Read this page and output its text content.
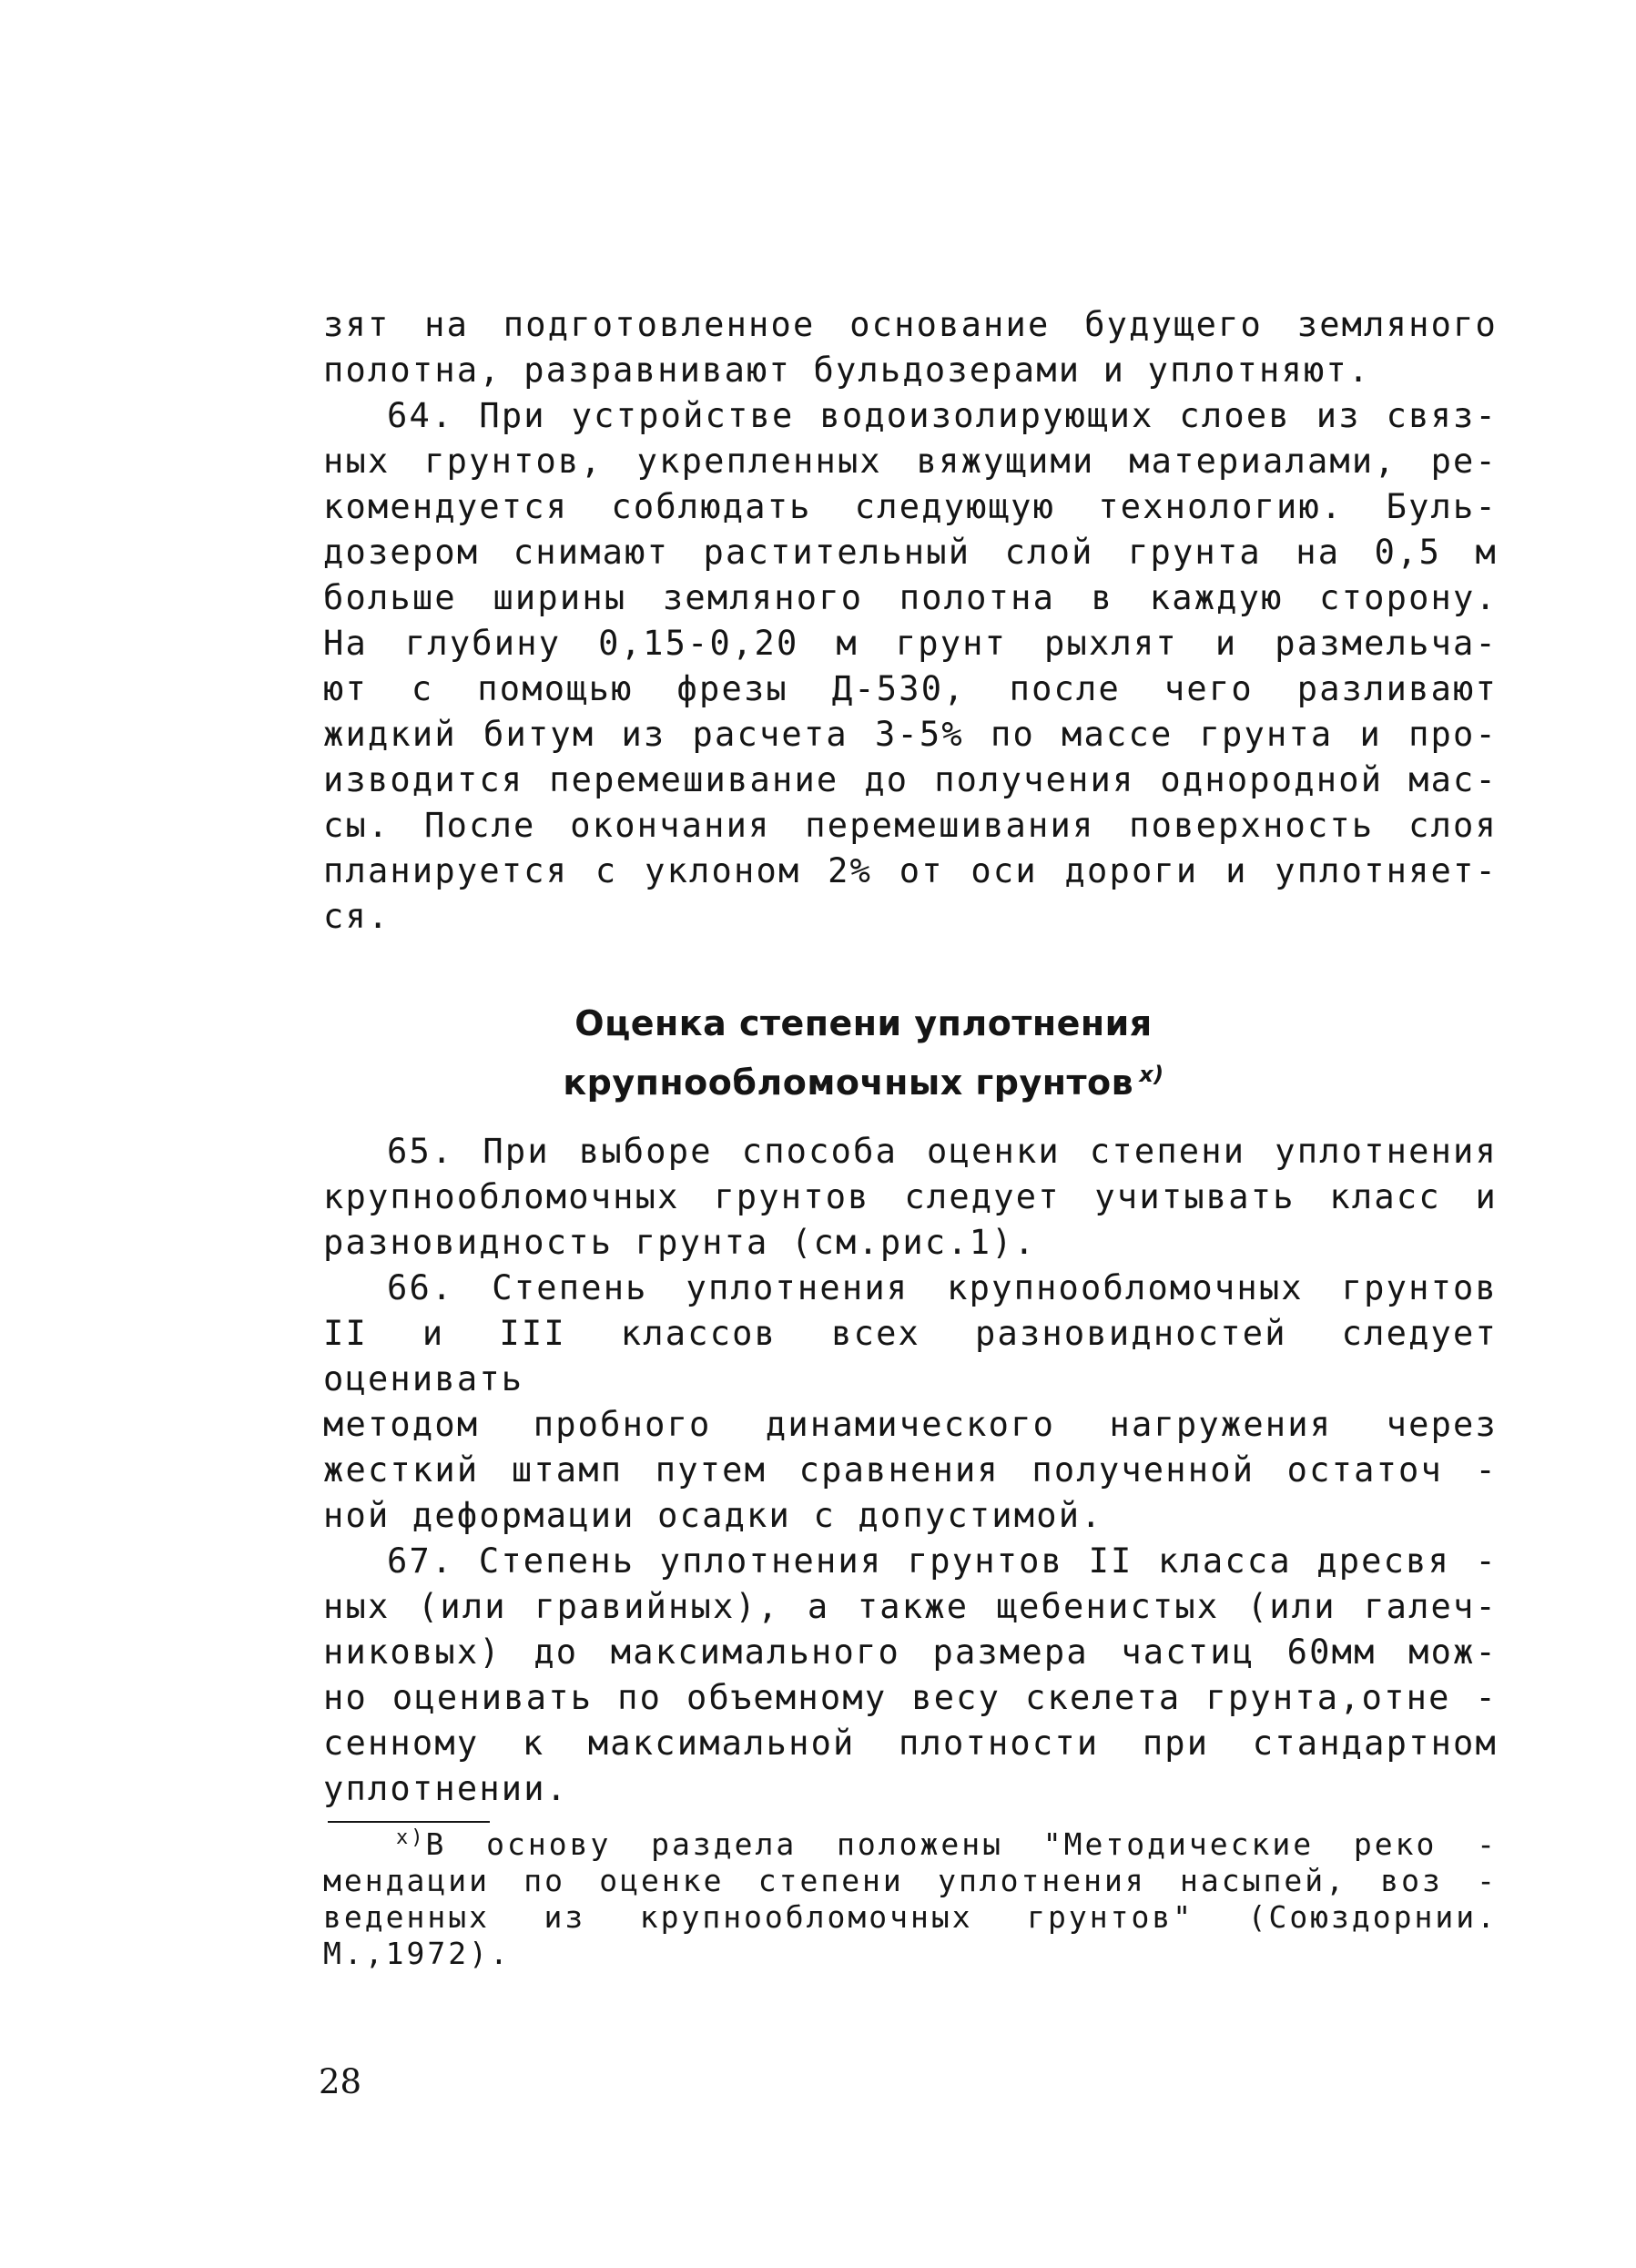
зят на подготовленное основание будущего земляного
полотна, разравнивают бульдозерами и уплотняют.
64. При устройстве водоизолирующих слоев из связ-
ных грунтов, укрепленных вяжущими материалами, ре-
комендуется соблюдать следующую технологию. Буль-
дозером снимают растительный слой грунта на 0,5 м
больше ширины земляного полотна в каждую сторону.
На глубину 0,15-0,20 м грунт рыхлят и размельча-
ют с помощью фрезы Д-530, после чего разливают
жидкий битум из расчета 3-5% по массе грунта и про-
изводится перемешивание до получения однородной мас-
сы. После окончания перемешивания поверхность слоя
планируется с уклоном 2% от оси дороги и уплотняет-
ся.
Оценка степени уплотнения
крупнообломочных грунтов $^{х)}$
65. При выборе способа оценки степени уплотнения
крупнообломочных грунтов следует учитывать класс и
разновидность грунта (см.рис.1).
66. Степень уплотнения крупнообломочных грунтов
II и III классов всех разновидностей следует оценивать
методом пробного динамического нагружения через
жесткий штамп путем сравнения полученной остаточ -
ной деформации осадки с допустимой.
67. Степень уплотнения грунтов II класса дресвя -
ных (или гравийных), а также щебенистых (или галеч-
никовых) до максимального размера частиц 60мм мож-
но оценивать по объемному весу скелета грунта,отне -
сенному к максимальной плотности при стандартном
уплотнении.
$^{х)}$В основу раздела положены "Методические реко -
мендации по оценке степени уплотнения насыпей, воз -
веденных из крупнообломочных грунтов" (Союздорнии.
М.,1972).
28
